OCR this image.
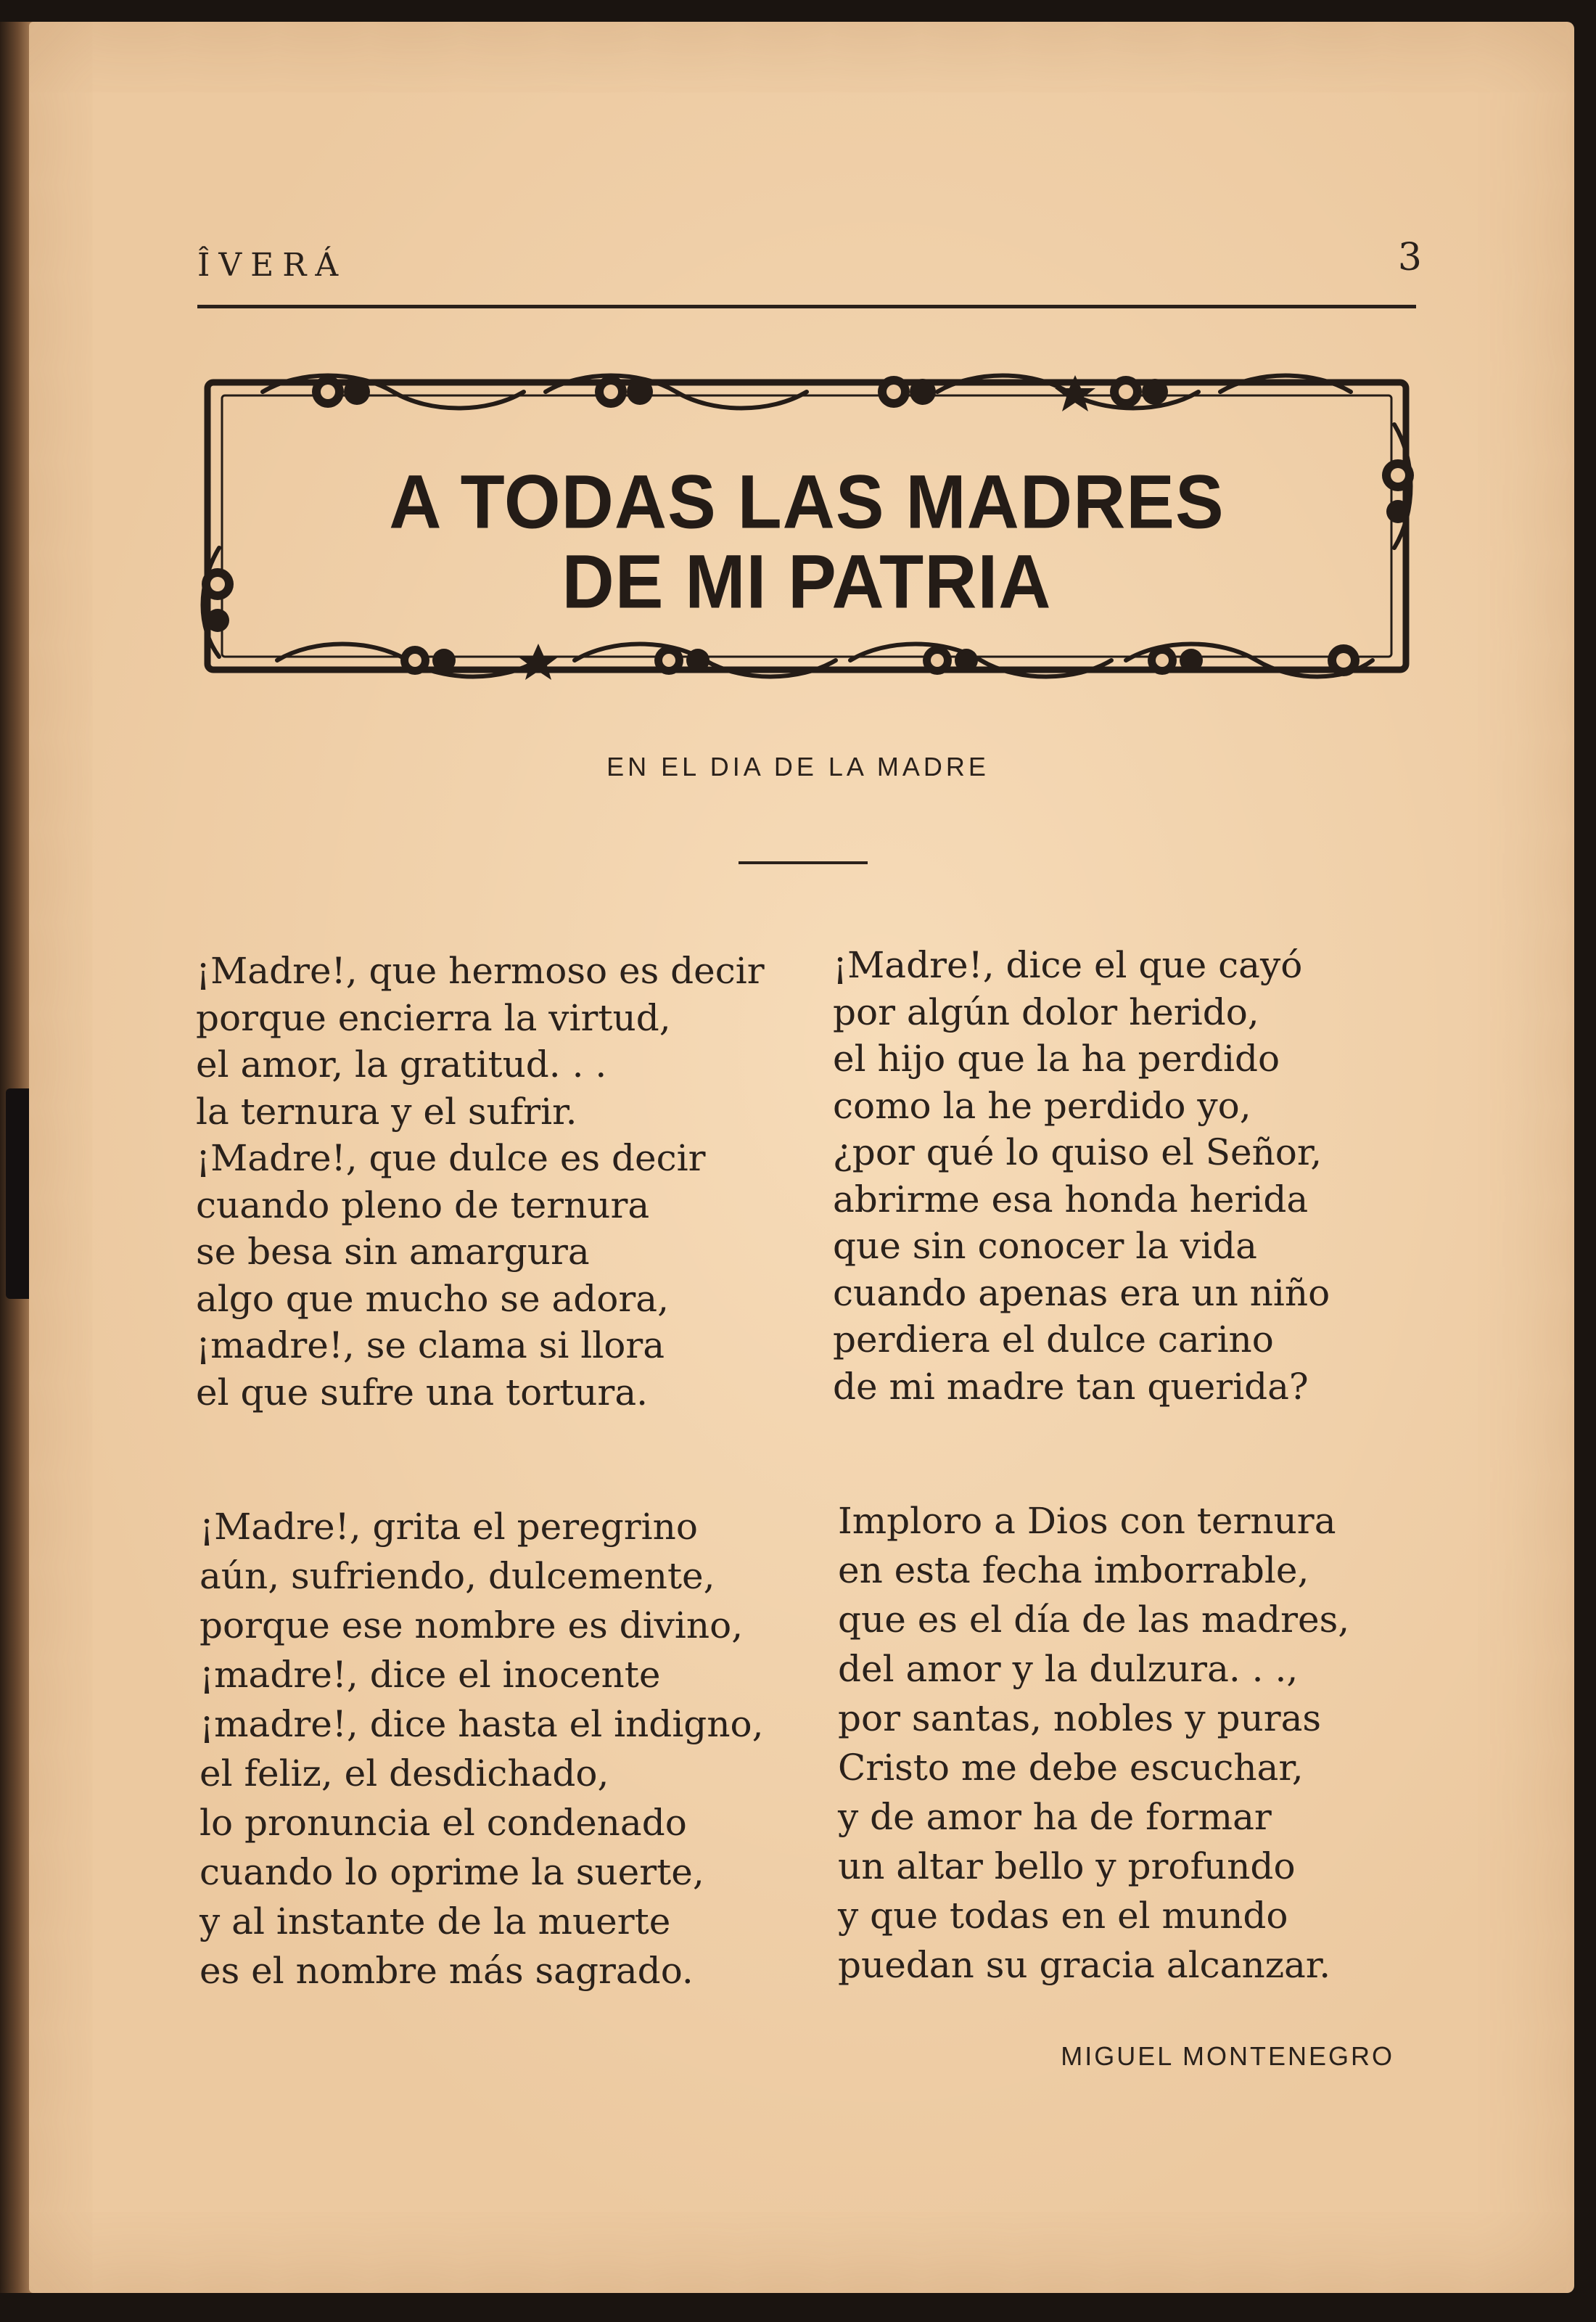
ÎVERÁ	3
A TODAS LAS MADRES
DE MI PATRIA
EN EL DIA DE LA MADRE
¡Madre!, que hermoso es decir
porque encierra la virtud,
el amor, la gratitud. . .
la ternura y el sufrir.
¡Madre!, que dulce es decir
cuando pleno de ternura
se besa sin amargura
algo que mucho se adora,
¡madre!, se clama si llora
el que sufre una tortura.
¡Madre!, dice el que cayó
por algún dolor herido,
el hijo que la ha perdido
como la he perdido yo,
¿por qué lo quiso el Señor,
abrirme esa honda herida
que sin conocer la vida
cuando apenas era un niño
perdiera el dulce carino
de mi madre tan querida?
¡Madre!, grita el peregrino
aún, sufriendo, dulcemente,
porque ese nombre es divino,
¡madre!, dice el inocente
¡madre!, dice hasta el indigno,
el feliz, el desdichado,
lo pronuncia el condenado
cuando lo oprime la suerte,
y al instante de la muerte
es el nombre más sagrado.
Imploro a Dios con ternura
en esta fecha imborrable,
que es el día de las madres,
del amor y la dulzura. . .,
por santas, nobles y puras
Cristo me debe escuchar,
y de amor ha de formar
un altar bello y profundo
y que todas en el mundo
puedan su gracia alcanzar.
MIGUEL MONTENEGRO
